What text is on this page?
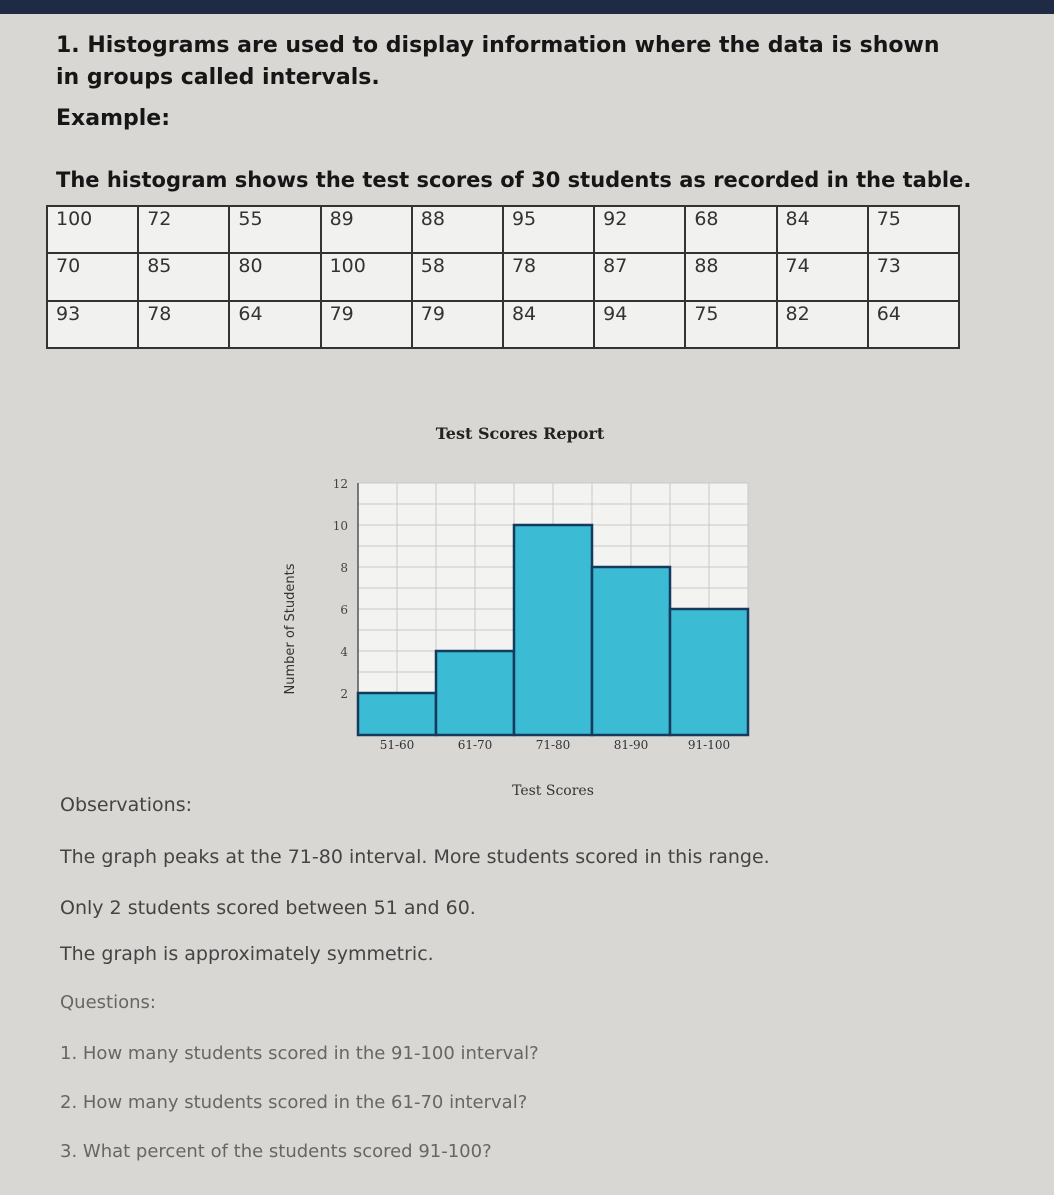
1. Histograms are used to display information where the data is shown in groups called intervals.
Example:
The histogram shows the test scores of 30 students as recorded in the table.
100	72	55	89	88	95	92	68	84	75
70	85	80	100	58	78	87	88	74	73
93	78	64	79	79	84	94	75	82	64
Test Scores Report
2
4
6
8
10
12
51-60	61-70	71-80	81-90	91-100
Test Scores
Number of Students
Observations:
The graph peaks at the 71-80 interval. More students scored in this range.
Only 2 students scored between 51 and 60.
The graph is approximately symmetric.
Questions:
1. How many students scored in the 91-100 interval?
2. How many students scored in the 61-70 interval?
3. What percent of the students scored 91-100?
